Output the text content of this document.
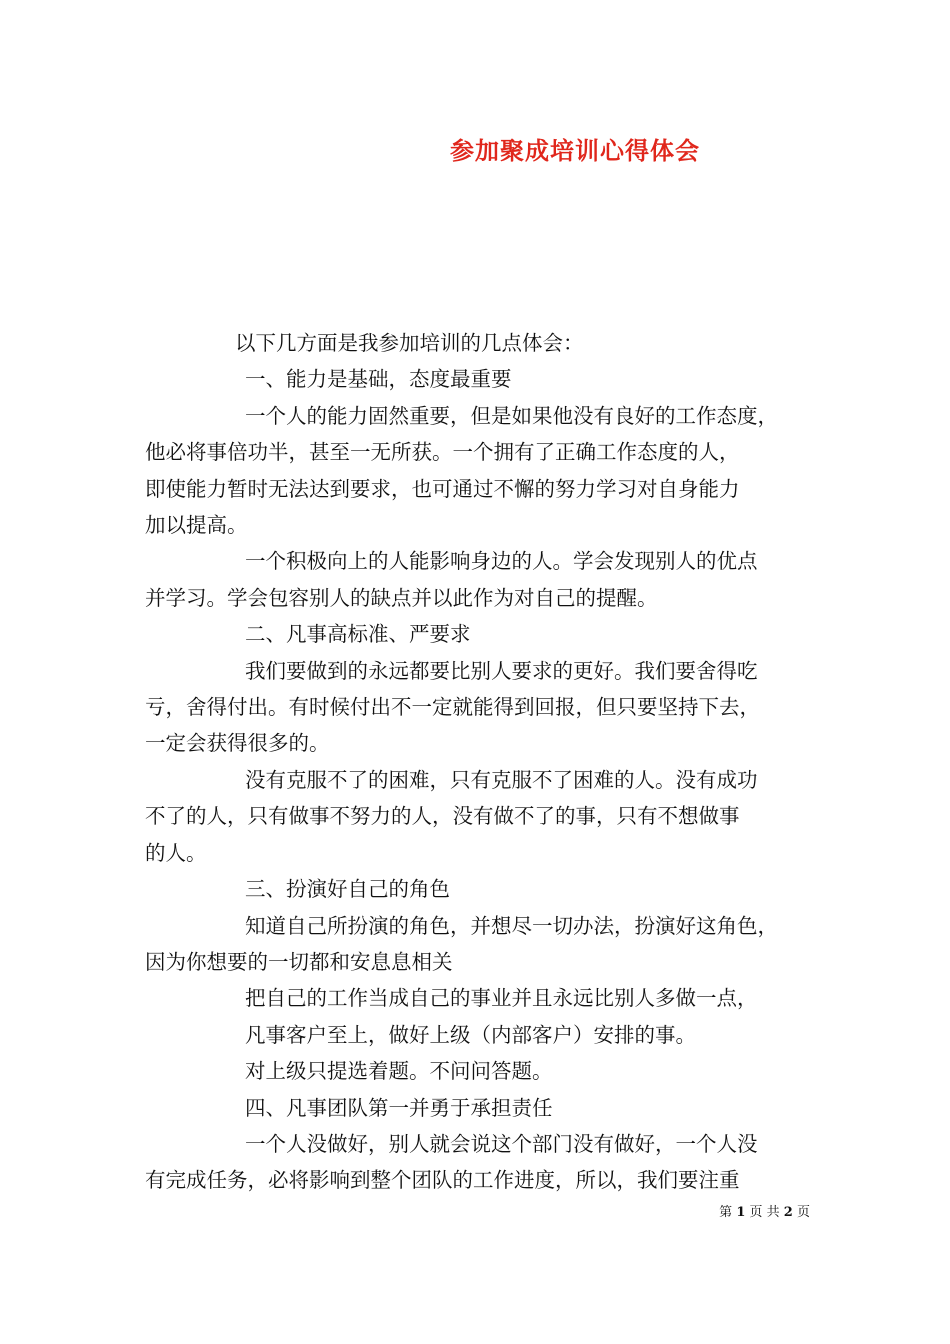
参加聚成培训心得体会

以下几方面是我参加培训的几点体会：

一、能力是基础，态度最重要

一个人的能力固然重要，但是如果他没有良好的工作态度，

他必将事倍功半，甚至一无所获。一个拥有了正确工作态度的人，

即使能力暂时无法达到要求，也可通过不懈的努力学习对自身能力

加以提高。

一个积极向上的人能影响身边的人。学会发现别人的优点

并学习。学会包容别人的缺点并以此作为对自己的提醒。

二、凡事高标准、严要求

我们要做到的永远都要比别人要求的更好。我们要舍得吃

亏，舍得付出。有时候付出不一定就能得到回报，但只要坚持下去，

一定会获得很多的。

没有克服不了的困难，只有克服不了困难的人。没有成功

不了的人，只有做事不努力的人，没有做不了的事，只有不想做事

的人。

三、扮演好自己的角色

知道自己所扮演的角色，并想尽一切办法，扮演好这角色，

因为你想要的一切都和安息息相关

把自己的工作当成自己的事业并且永远比别人多做一点，

凡事客户至上，做好上级（内部客户）安排的事。

对上级只提选着题。不问问答题。

四、凡事团队第一并勇于承担责任

一个人没做好，别人就会说这个部门没有做好，一个人没

有完成任务，必将影响到整个团队的工作进度，所以，我们要注重

第 1 页 共 2 页
